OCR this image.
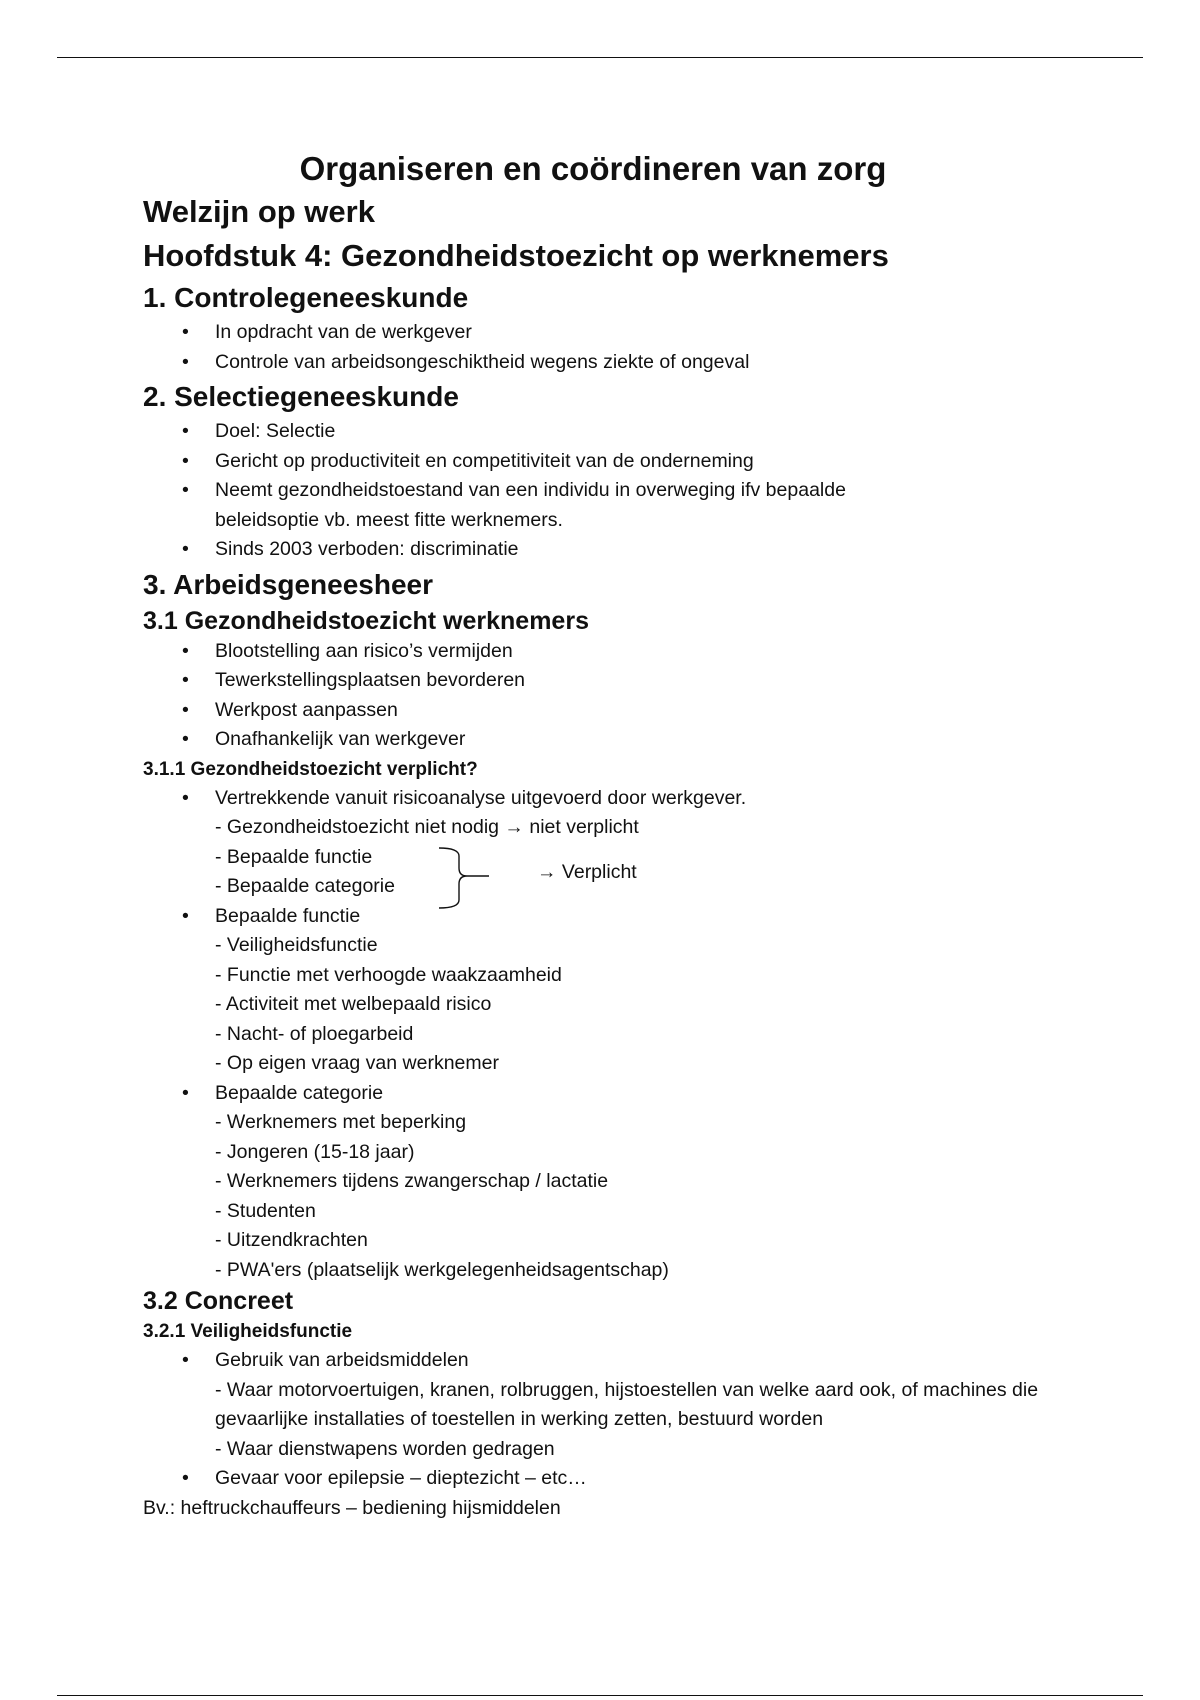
Organiseren en coördineren van zorg
Welzijn op werk
Hoofdstuk 4: Gezondheidstoezicht op werknemers
1. Controlegeneeskunde
• In opdracht van de werkgever
• Controle van arbeidsongeschiktheid wegens ziekte of ongeval
2. Selectiegeneeskunde
• Doel: Selectie
• Gericht op productiviteit en competitiviteit van de onderneming
• Neemt gezondheidstoestand van een individu in overweging ifv bepaalde beleidsoptie vb. meest fitte werknemers.
• Sinds 2003 verboden: discriminatie
3. Arbeidsgeneesheer
3.1 Gezondheidstoezicht werknemers
• Blootstelling aan risico’s vermijden
• Tewerkstellingsplaatsen bevorderen
• Werkpost aanpassen
• Onafhankelijk van werkgever
3.1.1 Gezondheidstoezicht verplicht?
• Vertrekkende vanuit risicoanalyse uitgevoerd door werkgever.
- Gezondheidstoezicht niet nodig → niet verplicht
- Bepaalde functie
- Bepaalde categorie
→ Verplicht
• Bepaalde functie
- Veiligheidsfunctie
- Functie met verhoogde waakzaamheid
- Activiteit met welbepaald risico
- Nacht- of ploegarbeid
- Op eigen vraag van werknemer
• Bepaalde categorie
- Werknemers met beperking
- Jongeren (15-18 jaar)
- Werknemers tijdens zwangerschap / lactatie
- Studenten
- Uitzendkrachten
- PWA'ers (plaatselijk werkgelegenheidsagentschap)
3.2 Concreet
3.2.1 Veiligheidsfunctie
• Gebruik van arbeidsmiddelen
- Waar motorvoertuigen, kranen, rolbruggen, hijstoestellen van welke aard ook, of machines die gevaarlijke installaties of toestellen in werking zetten, bestuurd worden
- Waar dienstwapens worden gedragen
• Gevaar voor epilepsie – dieptezicht – etc…

Bv.: heftruckchauffeurs – bediening hijsmiddelen
